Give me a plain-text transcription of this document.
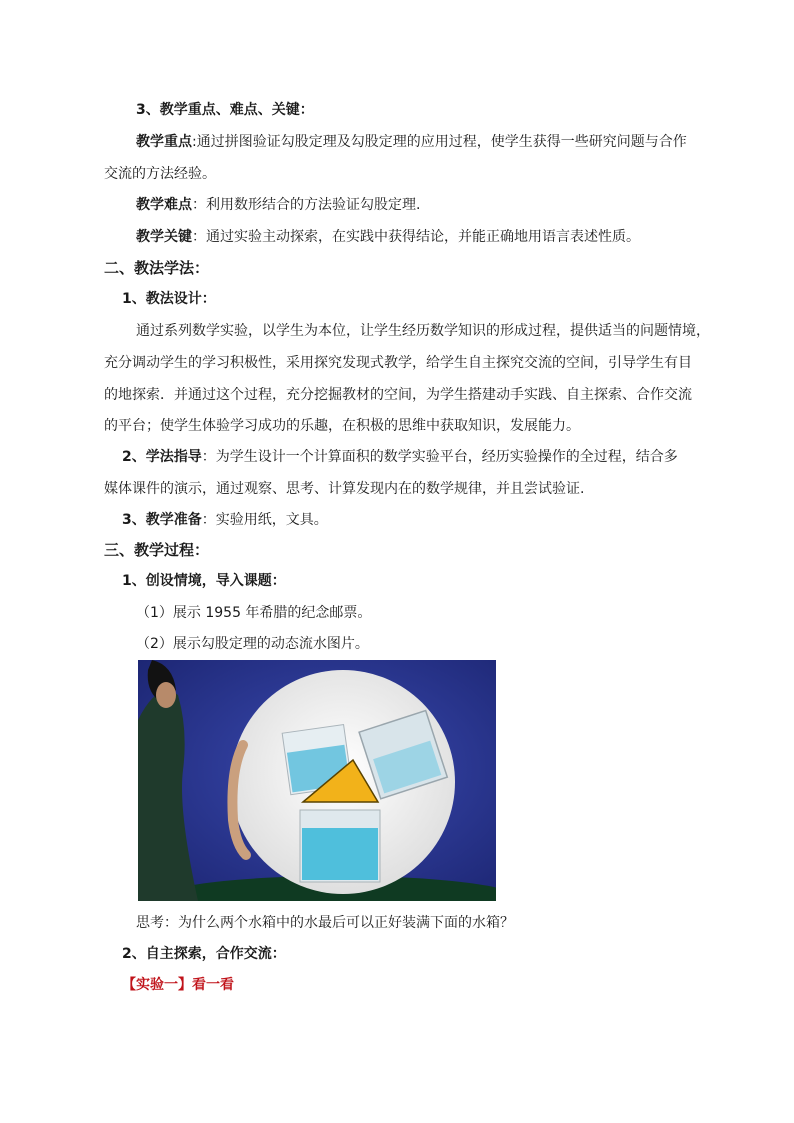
3、教学重点、难点、关键：
教学重点:通过拼图验证勾股定理及勾股定理的应用过程，使学生获得一些研究问题与合作
交流的方法经验。
教学难点：利用数形结合的方法验证勾股定理.
教学关键：通过实验主动探索，在实践中获得结论，并能正确地用语言表述性质。
二、教法学法：
1、教法设计：
通过系列数学实验，以学生为本位，让学生经历数学知识的形成过程，提供适当的问题情境，
充分调动学生的学习积极性，采用探究发现式教学，给学生自主探究交流的空间，引导学生有目
的地探索．并通过这个过程，充分挖掘教材的空间，为学生搭建动手实践、自主探索、合作交流
的平台；使学生体验学习成功的乐趣，在积极的思维中获取知识，发展能力。
2、学法指导：为学生设计一个计算面积的数学实验平台，经历实验操作的全过程，结合多
媒体课件的演示，通过观察、思考、计算发现内在的数学规律，并且尝试验证.
3、教学准备：实验用纸，文具。
三、教学过程：
1、创设情境，导入课题：
（1）展示 1955 年希腊的纪念邮票。
（2）展示勾股定理的动态流水图片。
思考：为什么两个水箱中的水最后可以正好装满下面的水箱？
2、自主探索，合作交流：
【实验一】看一看
